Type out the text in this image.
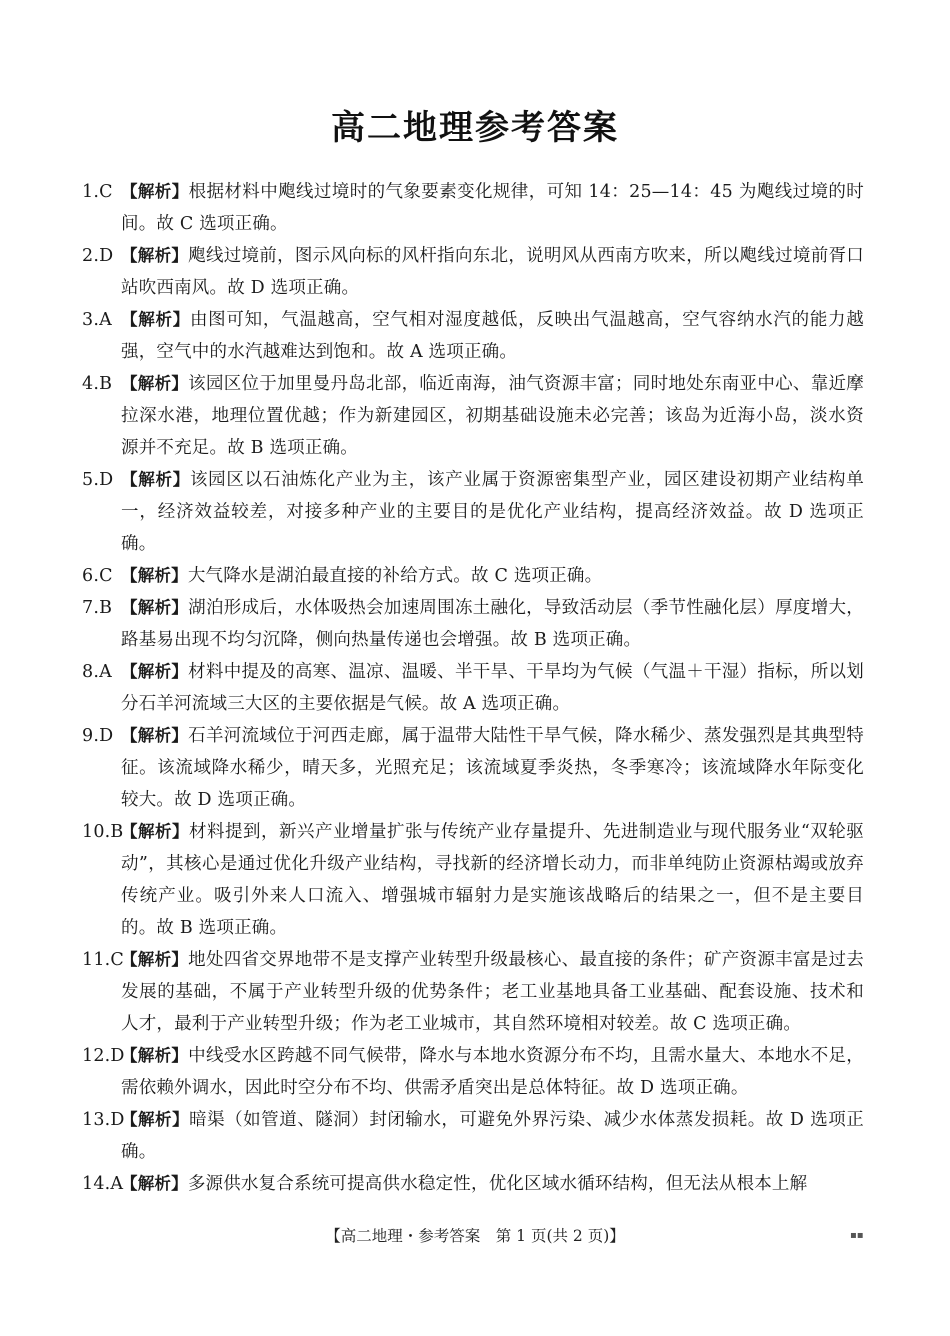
高二地理参考答案
1.C 【解析】根据材料中飑线过境时的气象要素变化规律，可知 14：25—14：45 为飑线过境的时间。故 C 选项正确。
2.D 【解析】飑线过境前，图示风向标的风杆指向东北，说明风从西南方吹来，所以飑线过境前胥口站吹西南风。故 D 选项正确。
3.A 【解析】由图可知，气温越高，空气相对湿度越低，反映出气温越高，空气容纳水汽的能力越强，空气中的水汽越难达到饱和。故 A 选项正确。
4.B 【解析】该园区位于加里曼丹岛北部，临近南海，油气资源丰富；同时地处东南亚中心、靠近摩拉深水港，地理位置优越；作为新建园区，初期基础设施未必完善；该岛为近海小岛，淡水资源并不充足。故 B 选项正确。
5.D 【解析】该园区以石油炼化产业为主，该产业属于资源密集型产业，园区建设初期产业结构单一，经济效益较差，对接多种产业的主要目的是优化产业结构，提高经济效益。故 D 选项正确。
6.C 【解析】大气降水是湖泊最直接的补给方式。故 C 选项正确。
7.B 【解析】湖泊形成后，水体吸热会加速周围冻土融化，导致活动层（季节性融化层）厚度增大，路基易出现不均匀沉降，侧向热量传递也会增强。故 B 选项正确。
8.A 【解析】材料中提及的高寒、温凉、温暖、半干旱、干旱均为气候（气温＋干湿）指标，所以划分石羊河流域三大区的主要依据是气候。故 A 选项正确。
9.D 【解析】石羊河流域位于河西走廊，属于温带大陆性干旱气候，降水稀少、蒸发强烈是其典型特征。该流域降水稀少，晴天多，光照充足；该流域夏季炎热，冬季寒冷；该流域降水年际变化较大。故 D 选项正确。
10.B
【解析】材料提到，新兴产业增量扩张与传统产业存量提升、先进制造业与现代服务业“双轮驱动”，其核心是通过优化升级产业结构，寻找新的经济增长动力，而非单纯防止资源枯竭或放弃传统产业。吸引外来人口流入、增强城市辐射力是实施该战略后的结果之一，但不是主要目的。故 B 选项正确。
11.C
【解析】地处四省交界地带不是支撑产业转型升级最核心、最直接的条件；矿产资源丰富是过去发展的基础，不属于产业转型升级的优势条件；老工业基地具备工业基础、配套设施、技术和人才，最利于产业转型升级；作为老工业城市，其自然环境相对较差。故 C 选项正确。
12.D
【解析】中线受水区跨越不同气候带，降水与本地水资源分布不均，且需水量大、本地水不足，需依赖外调水，因此时空分布不均、供需矛盾突出是总体特征。故 D 选项正确。
13.D
【解析】暗渠（如管道、隧洞）封闭输水，可避免外界污染、减少水体蒸发损耗。故 D 选项正确。
14.A
【解析】多源供水复合系统可提高供水稳定性，优化区域水循环结构，但无法从根本上解
【高二地理・参考答案　第 1 页(共 2 页)】	▪▪
